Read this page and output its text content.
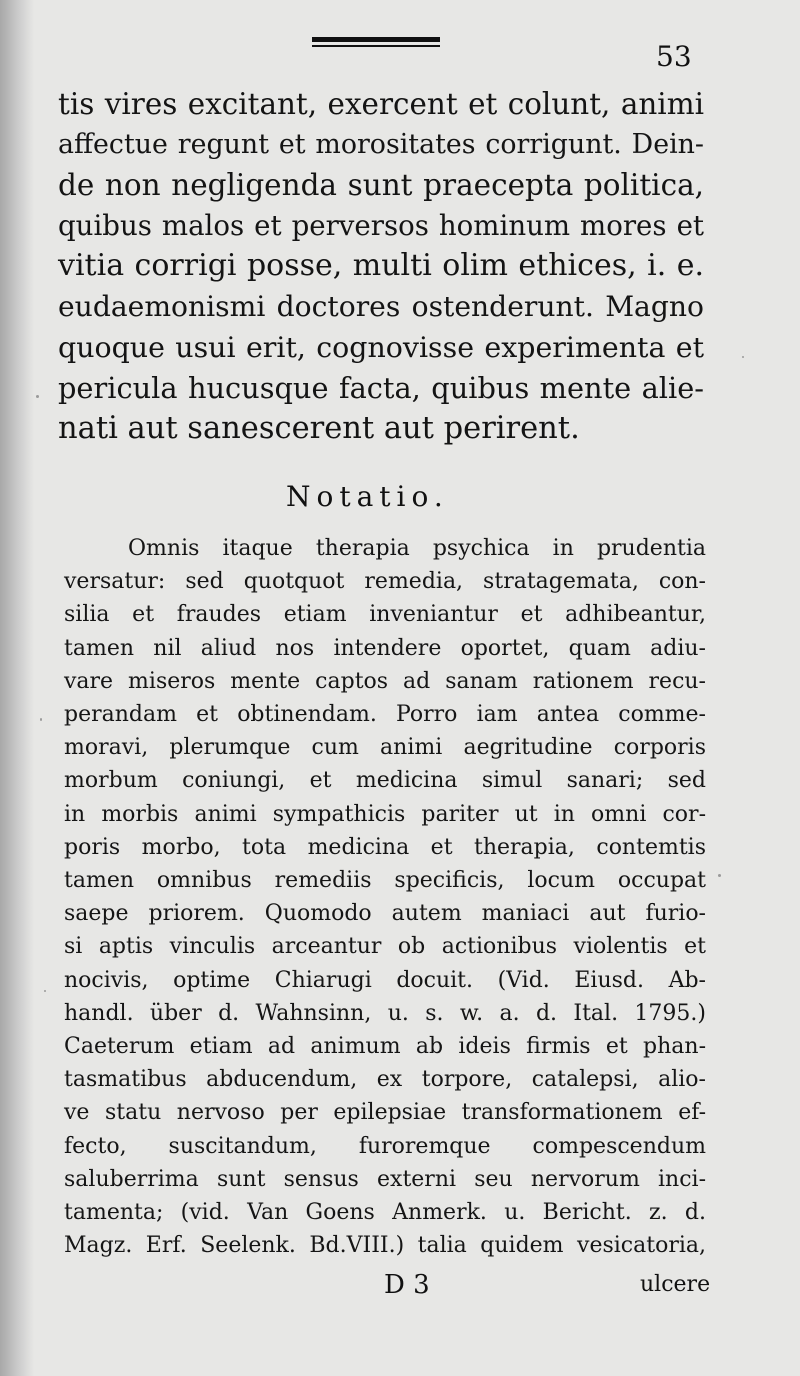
53
tis vires excitant, exercent et colunt, animi
affectue regunt et morositates corrigunt. Dein-
de non negligenda sunt praecepta politica,
quibus malos et perversos hominum mores et
vitia corrigi posse, multi olim ethices, i. e.
eudaemonismi doctores ostenderunt. Magno
quoque usui erit, cognovisse experimenta et
pericula hucusque facta, quibus mente alie-
nati aut sanescerent aut perirent.
Notatio.
Omnis itaque therapia psychica in prudentia
versatur: sed quotquot remedia, stratagemata, con-
silia et fraudes etiam inveniantur et adhibeantur,
tamen nil aliud nos intendere oportet, quam adiu-
vare miseros mente captos ad sanam rationem recu-
perandam et obtinendam. Porro iam antea comme-
moravi, plerumque cum animi aegritudine corporis
morbum coniungi, et medicina simul sanari; sed
in morbis animi sympathicis pariter ut in omni cor-
poris morbo, tota medicina et therapia, contemtis
tamen omnibus remediis specificis, locum occupat
saepe priorem. Quomodo autem maniaci aut furio-
si aptis vinculis arceantur ob actionibus violentis et
nocivis, optime Chiarugi docuit. (Vid. Eiusd. Ab-
handl. über d. Wahnsinn, u. s. w. a. d. Ital. 1795.)
Caeterum etiam ad animum ab ideis firmis et phan-
tasmatibus abducendum, ex torpore, catalepsi, alio-
ve statu nervoso per epilepsiae transformationem ef-
fecto, suscitandum, furoremque compescendum
saluberrima sunt sensus externi seu nervorum inci-
tamenta; (vid. Van Goens Anmerk. u. Bericht. z. d.
Magz. Erf. Seelenk. Bd.VIII.) talia quidem vesicatoria,
D 3	ulcere
